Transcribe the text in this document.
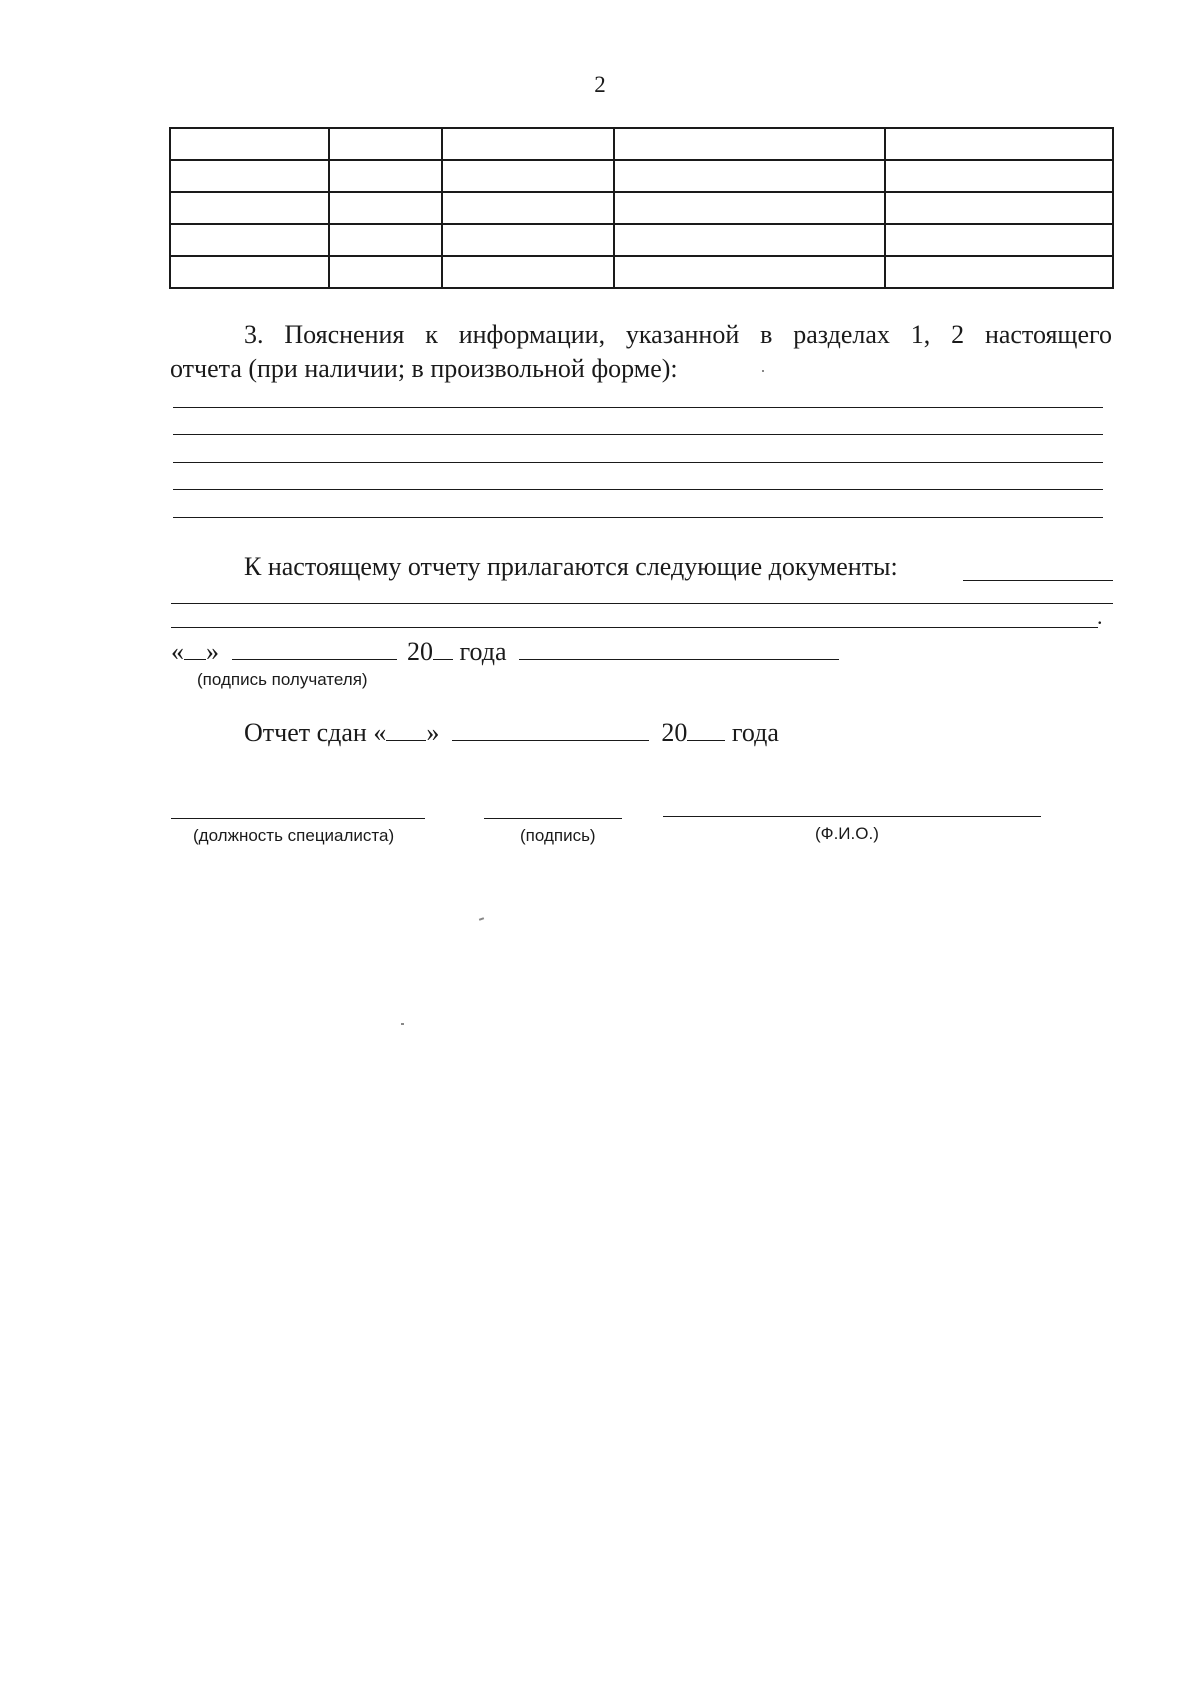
2

3. Пояснения к информации, указанной в разделах 1, 2 настоящего
отчета (при наличии; в произвольной форме):
К настоящему отчету прилагаются следующие документы:
.
« »	20 года
(подпись получателя)
Отчет сдан « »	20 года
(должность специалиста)	(подпись)	(Ф.И.О.)
